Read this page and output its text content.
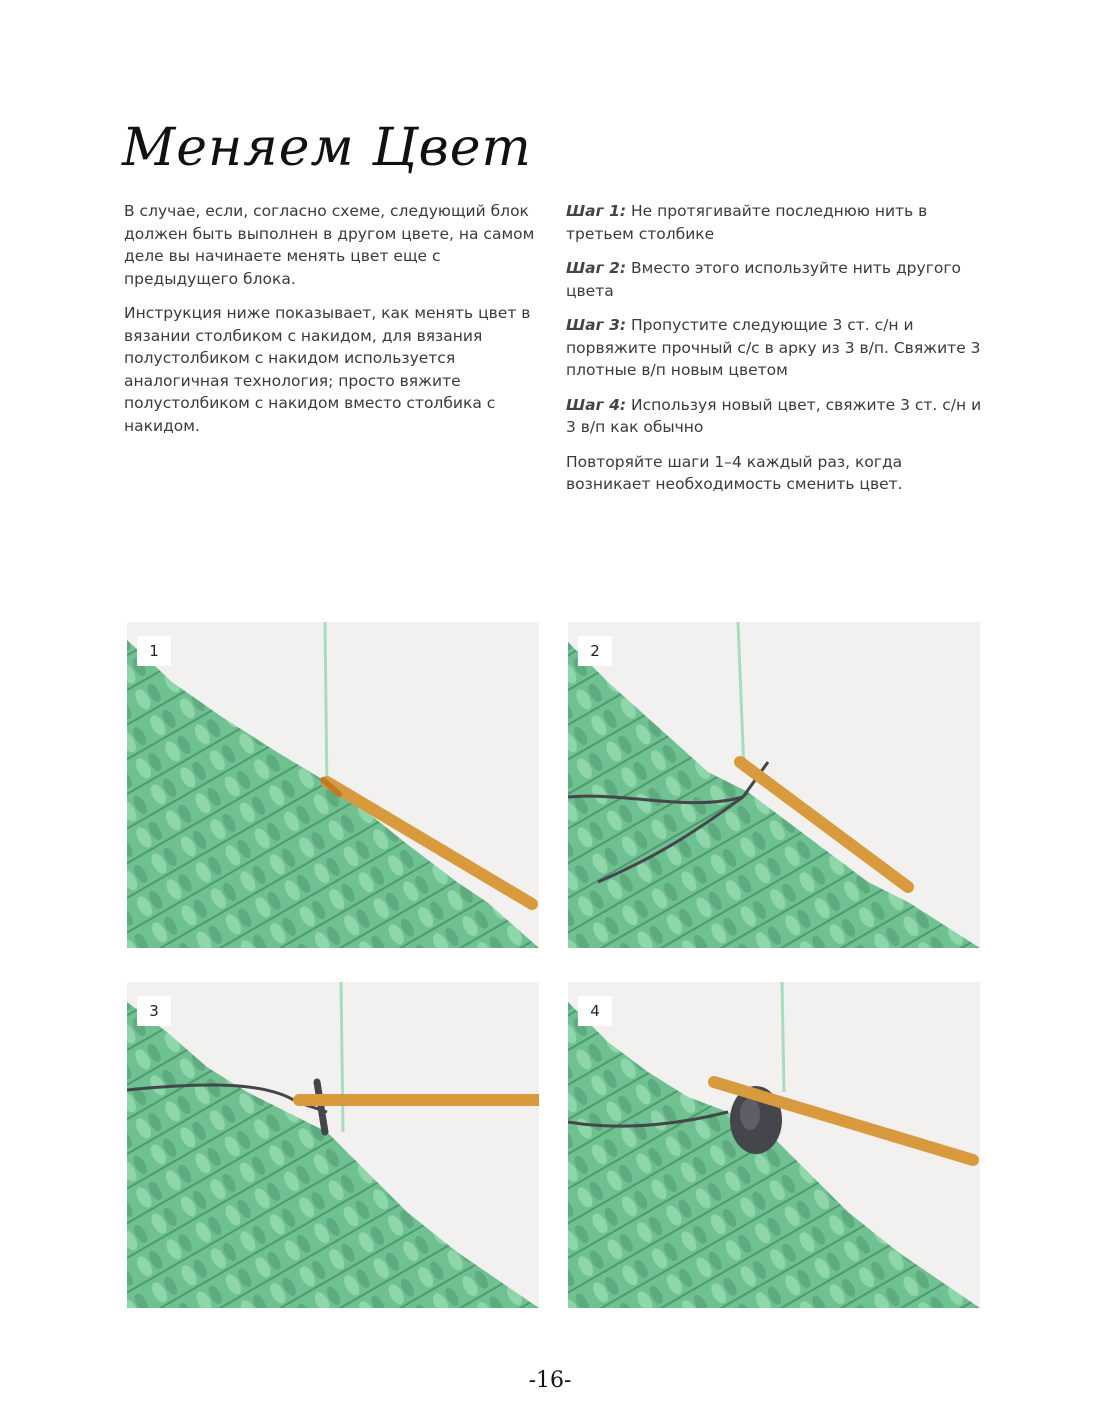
Меняем Цвет

В случае, если, согласно схеме, следующий блок должен быть выполнен в другом цвете, на самом деле вы начинаете менять цвет еще с предыдущего блока.

Инструкция ниже показывает, как менять цвет в вязании столбиком с накидом, для вязания полустолбиком с накидом используется аналогичная технология; просто вяжите полустолбиком с накидом вместо столбика с накидом.

Шаг 1: Не протягивайте последнюю нить в третьем столбике

Шаг 2: Вместо этого используйте нить другого цвета

Шаг 3: Пропустите следующие 3 ст. с/н и порвяжите прочный с/с в арку из 3 в/п. Свяжите 3 плотные в/п новым цветом

Шаг 4: Используя новый цвет, свяжите 3 ст. с/н и 3 в/п как обычно

Повторяйте шаги 1–4 каждый раз, когда возникает необходимость сменить цвет.

1	2
3	4
-16-
